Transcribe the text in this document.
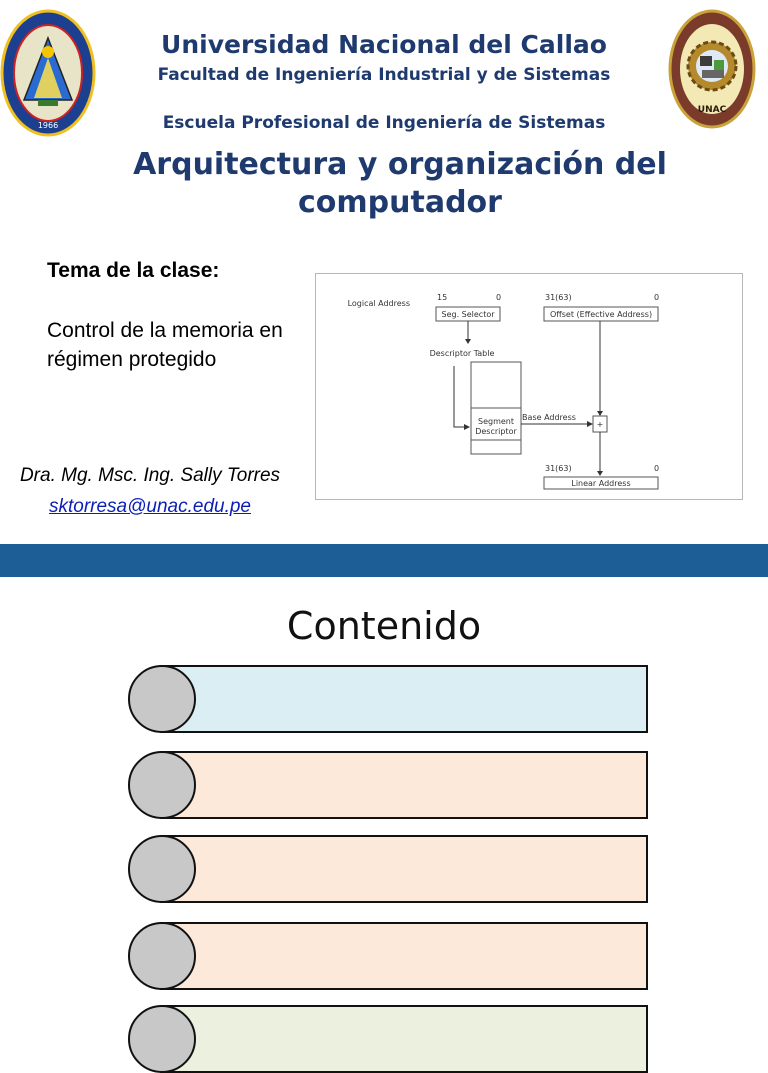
1966
UNAC
Universidad Nacional del Callao
Facultad de Ingeniería Industrial y de Sistemas
Escuela Profesional de Ingeniería de Sistemas
Arquitectura y organización del computador
Tema de la clase:
Control de la memoria en régimen protegido
Dra. Mg. Msc. Ing. Sally Torres
sktorresa@unac.edu.pe
Logical Address
15	0
Seg. Selector
31(63)	0
Offset (Effective Address)
Descriptor Table
Segment
Descriptor
Base Address
+
31(63)	0
Linear Address
Contenido
